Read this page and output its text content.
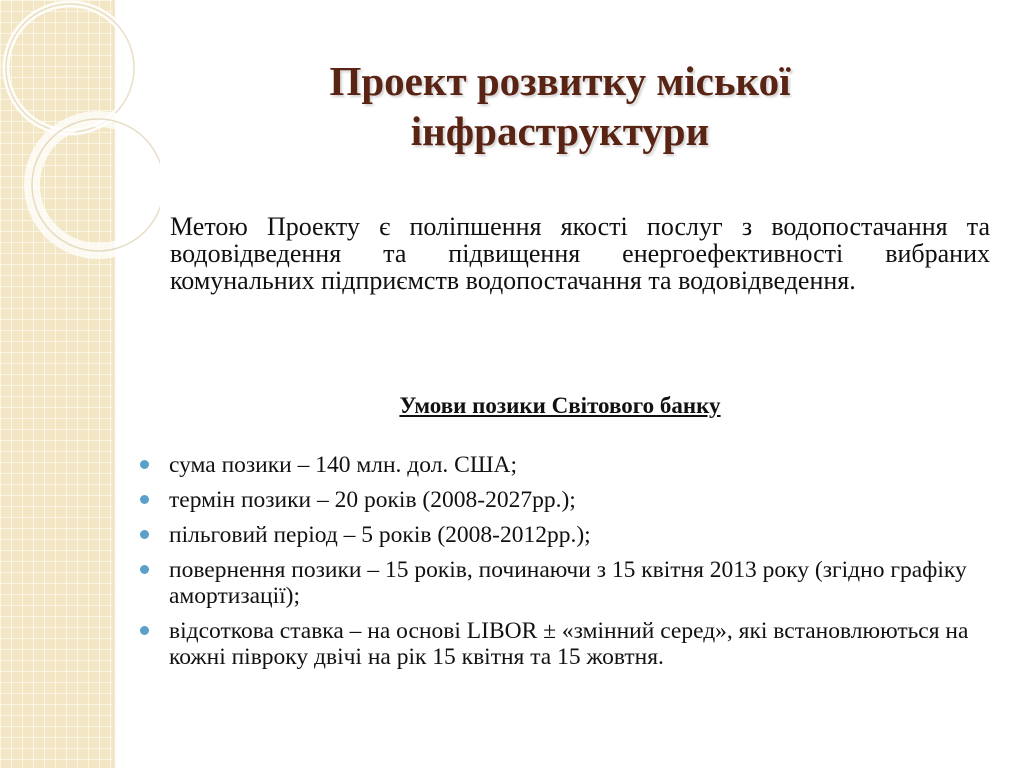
Проект розвитку міської
інфраструктури

Метою Проекту є поліпшення якості послуг з водопостачання та водовідведення та підвищення енергоефективності вибраних комунальних підприємств водопостачання та водовідведення.

Умови позики Світового банку

сума позики – 140 млн. дол. США;
термін позики – 20 років (2008-2027рр.);
пільговий період – 5 років (2008-2012рр.);
повернення позики – 15 років, починаючи з 15 квітня 2013 року (згідно графіку амортизації);
відсоткова ставка – на основі LIBOR ± «змінний серед», які встановлюються на кожні півроку двічі на рік 15 квітня та 15 жовтня.
